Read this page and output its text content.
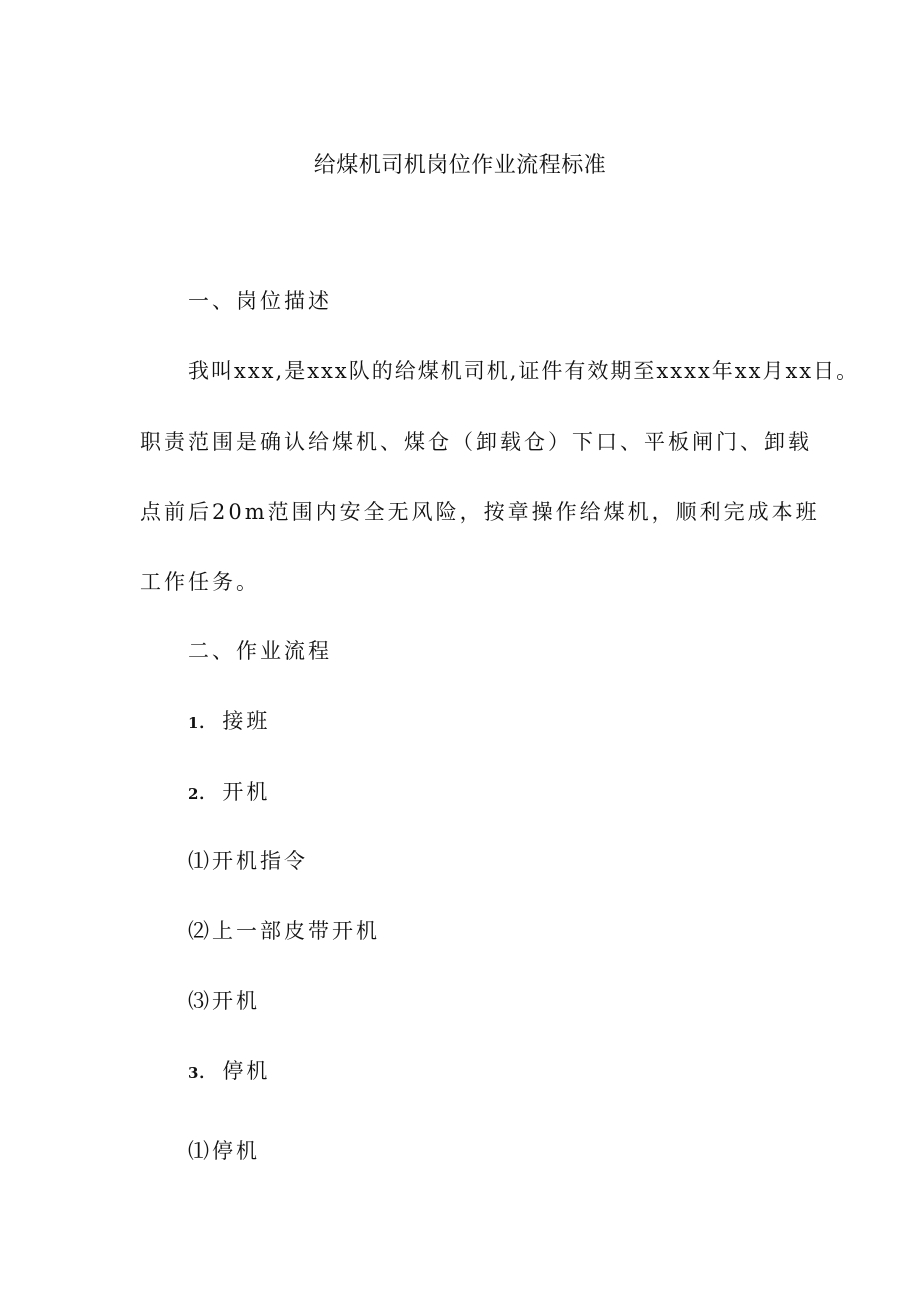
给煤机司机岗位作业流程标准
一、岗位描述
我叫xxx,是xxx队的给煤机司机,证件有效期至xxxx年xx月xx日。
职责范围是确认给煤机、煤仓（卸载仓）下口、平板闸门、卸载
点前后20m范围内安全无风险，按章操作给煤机，顺利完成本班
工作任务。
二、作业流程
1．接班
2．开机
⑴开机指令
⑵上一部皮带开机
⑶开机
3．停机
⑴停机
